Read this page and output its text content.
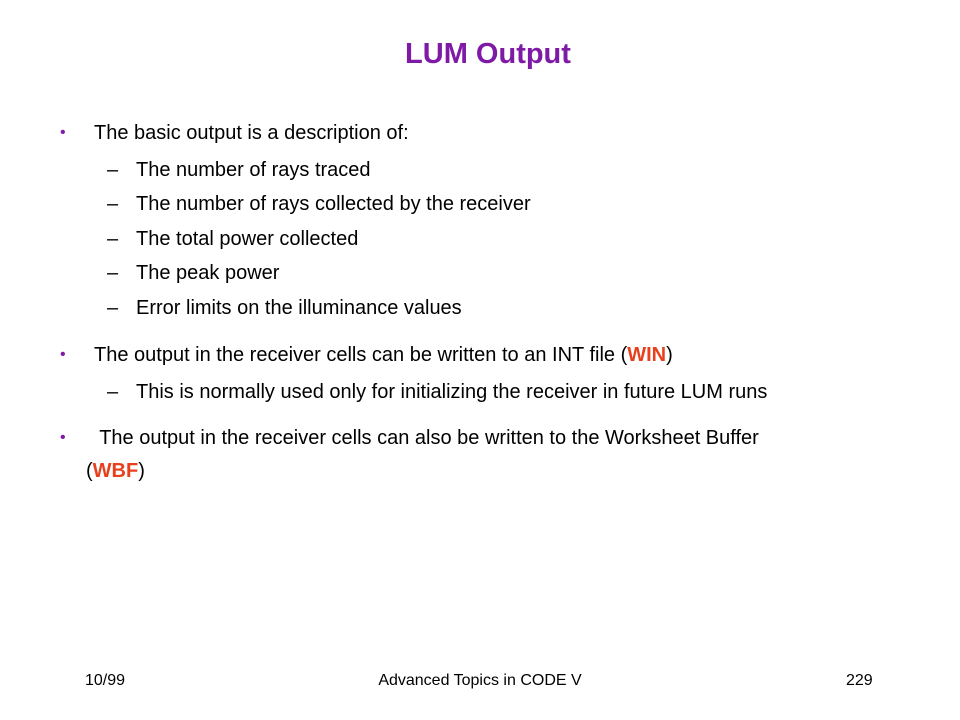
LUM Output
• The basic output is a description of:
– The number of rays traced
– The number of rays collected by the receiver
– The total power collected
– The peak power
– Error limits on the illuminance values
• The output in the receiver cells can be written to an INT file (WIN)
– This is normally used only for initializing the receiver in future LUM runs
• The output in the receiver cells can also be written to the Worksheet Buffer
(WBF)
10/99	Advanced Topics in CODE V	229
